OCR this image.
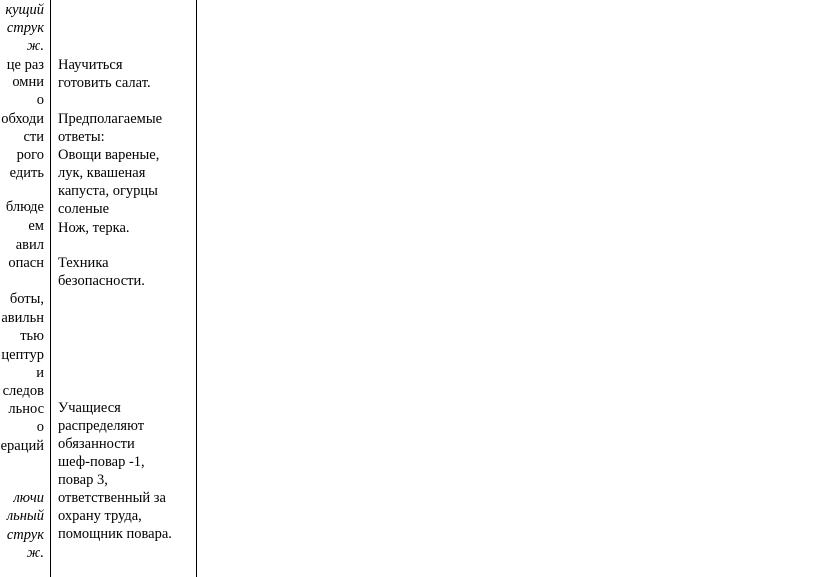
кущий
струк
ж.
це раз
омни
о
обходи
сти
рого
едить
блюде
ем
авил
опасн
боты,
авильн
тью
цептур
и
следов
льнос
о
ераций
лючи
льный
струк
ж.
Научиться
готовить салат.
Предполагаемые
ответы:
Овощи вареные,
лук, квашеная
капуста, огурцы
соленые
Нож, терка.
Техника
безопасности.
Учащиеся
распределяют
обязанности
шеф-повар -1,
повар 3,
ответственный за
охрану труда,
помощник повара.
